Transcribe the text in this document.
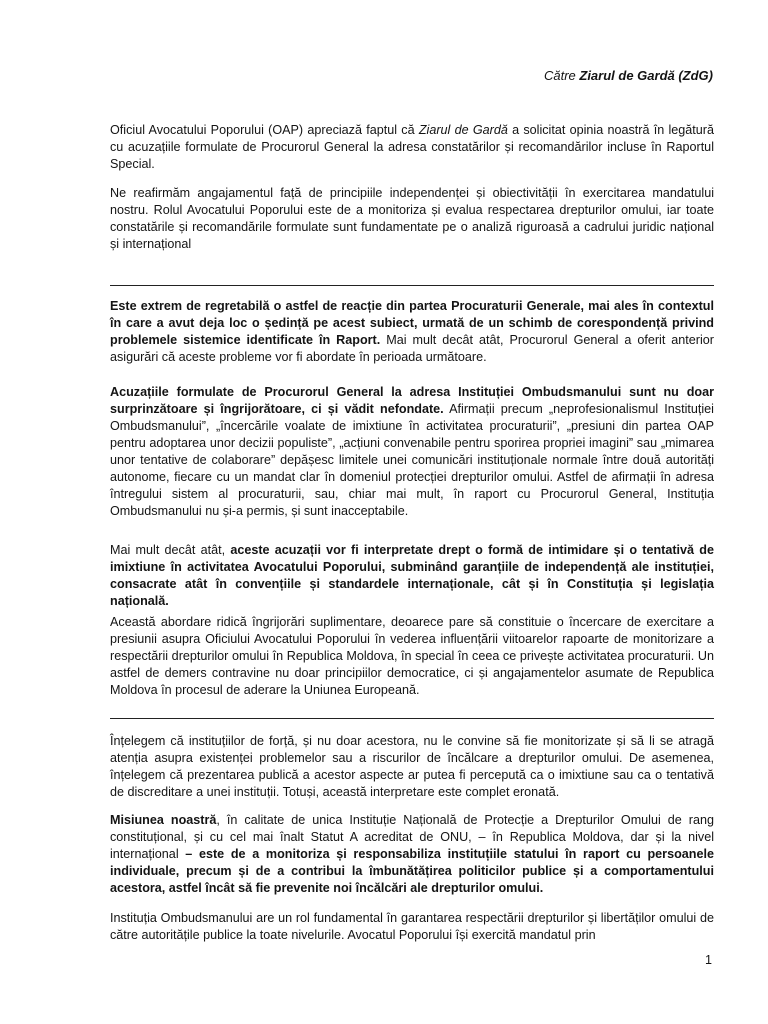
Către Ziarul de Gardă (ZdG)

Oficiul Avocatului Poporului (OAP) apreciază faptul că Ziarul de Gardă a solicitat opinia noastră în legătură cu acuzațiile formulate de Procurorul General la adresa constatărilor și recomandărilor incluse în Raportul Special.

Ne reafirmăm angajamentul față de principiile independenței și obiectivității în exercitarea mandatului nostru. Rolul Avocatului Poporului este de a monitoriza și evalua respectarea drepturilor omului, iar toate constatările și recomandările formulate sunt fundamentate pe o analiză riguroasă a cadrului juridic național și internațional

Este extrem de regretabilă o astfel de reacție din partea Procuraturii Generale, mai ales în contextul în care a avut deja loc o ședință pe acest subiect, urmată de un schimb de corespondență privind problemele sistemice identificate în Raport. Mai mult decât atât, Procurorul General a oferit anterior asigurări că aceste probleme vor fi abordate în perioada următoare.

Acuzațiile formulate de Procurorul General la adresa Instituției Ombudsmanului sunt nu doar surprinzătoare și îngrijorătoare, ci și vădit nefondate. Afirmații precum „neprofesionalismul Instituției Ombudsmanului”, „încercările voalate de imixtiune în activitatea procuraturii”, „presiuni din partea OAP pentru adoptarea unor decizii populiste”, „acțiuni convenabile pentru sporirea propriei imagini” sau „mimarea unor tentative de colaborare” depășesc limitele unei comunicări instituționale normale între două autorități autonome, fiecare cu un mandat clar în domeniul protecției drepturilor omului. Astfel de afirmații în adresa întregului sistem al procuraturii, sau, chiar mai mult, în raport cu Procurorul General, Instituția Ombudsmanului nu și-a permis, și sunt inacceptabile.

Mai mult decât atât, aceste acuzații vor fi interpretate drept o formă de intimidare și o tentativă de imixtiune în activitatea Avocatului Poporului, subminând garanțiile de independență ale instituției, consacrate atât în convențiile și standardele internaționale, cât și în Constituția și legislația națională.

Această abordare ridică îngrijorări suplimentare, deoarece pare să constituie o încercare de exercitare a presiunii asupra Oficiului Avocatului Poporului în vederea influențării viitoarelor rapoarte de monitorizare a respectării drepturilor omului în Republica Moldova, în special în ceea ce privește activitatea procuraturii. Un astfel de demers contravine nu doar principiilor democratice, ci și angajamentelor asumate de Republica Moldova în procesul de aderare la Uniunea Europeană.

Înțelegem că instituțiilor de forță, și nu doar acestora, nu le convine să fie monitorizate și să li se atragă atenția asupra existenței problemelor sau a riscurilor de încălcare a drepturilor omului. De asemenea, înțelegem că prezentarea publică a acestor aspecte ar putea fi percepută ca o imixtiune sau ca o tentativă de discreditare a unei instituții. Totuși, această interpretare este complet eronată.

Misiunea noastră, în calitate de unica Instituție Națională de Protecție a Drepturilor Omului de rang constituțional, și cu cel mai înalt Statut A acreditat de ONU, – în Republica Moldova, dar și la nivel internațional – este de a monitoriza și responsabiliza instituțiile statului în raport cu persoanele individuale, precum și de a contribui la îmbunătățirea politicilor publice și a comportamentului acestora, astfel încât să fie prevenite noi încălcări ale drepturilor omului.

Instituția Ombudsmanului are un rol fundamental în garantarea respectării drepturilor și libertăților omului de către autoritățile publice la toate nivelurile. Avocatul Poporului își exercită mandatul prin

1
